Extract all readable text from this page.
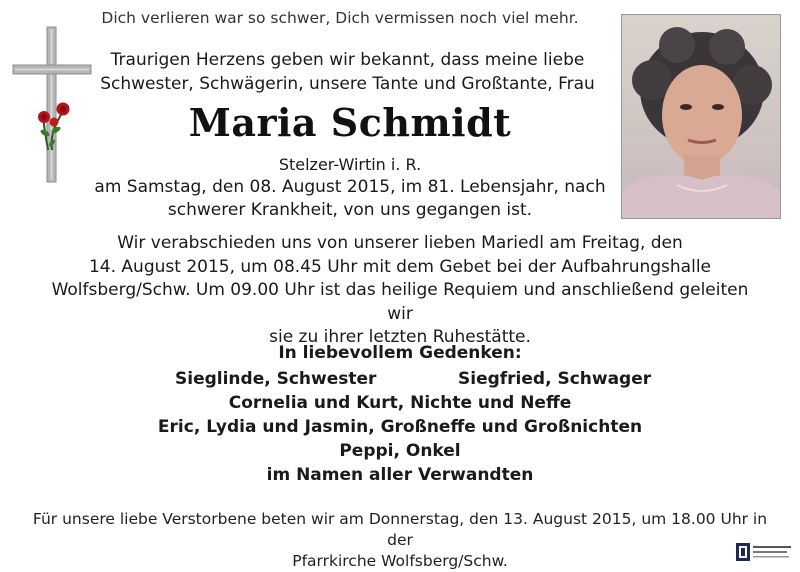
Dich verlieren war so schwer, Dich vermissen noch viel mehr.
Traurigen Herzens geben wir bekannt, dass meine liebe
Schwester, Schwägerin, unsere Tante und Großtante, Frau
Maria Schmidt
Stelzer-Wirtin i. R.
am Samstag, den 08. August 2015, im 81. Lebensjahr, nach
schwerer Krankheit, von uns gegangen ist.
Wir verabschieden uns von unserer lieben Mariedl am Freitag, den
14. August 2015, um 08.45 Uhr mit dem Gebet bei der Aufbahrungshalle
Wolfsberg/Schw. Um 09.00 Uhr ist das heilige Requiem und anschließend geleiten wir
sie zu ihrer letzten Ruhestätte.
In liebevollem Gedenken:
Sieglinde, Schwester	Siegfried, Schwager
Cornelia und Kurt, Nichte und Neffe
Eric, Lydia und Jasmin, Großneffe und Großnichten
Peppi, Onkel
im Namen aller Verwandten
Für unsere liebe Verstorbene beten wir am Donnerstag, den 13. August 2015, um 18.00 Uhr in der
Pfarrkirche Wolfsberg/Schw.
